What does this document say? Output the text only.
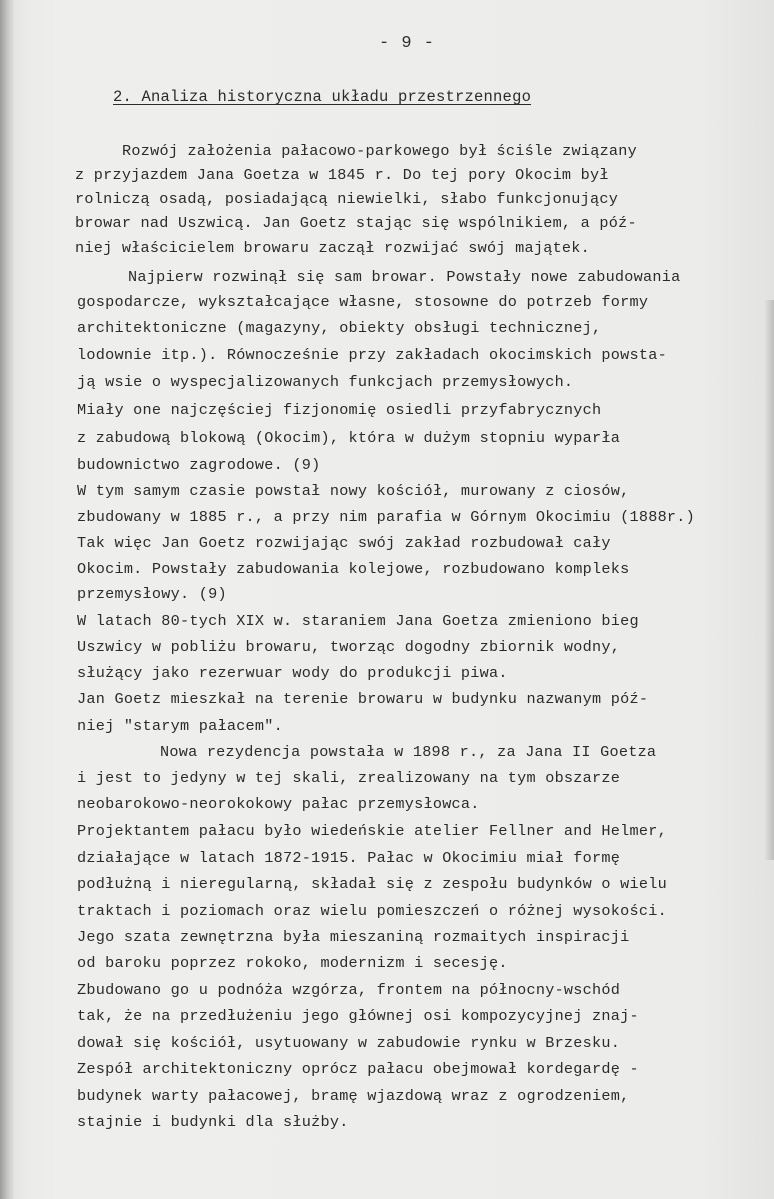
- 9 -
2. Analiza historyczna układu przestrzennego
Rozwój założenia pałacowo-parkowego był ściśle związany
z przyjazdem Jana Goetza w 1845 r. Do tej pory Okocim był
rolniczą osadą, posiadającą niewielki, słabo funkcjonujący
browar nad Uszwicą. Jan Goetz stając się wspólnikiem, a póź-
niej właścicielem browaru zaczął rozwijać swój majątek.
Najpierw rozwinął się sam browar. Powstały nowe zabudowania
gospodarcze, wykształcające własne, stosowne do potrzeb formy
architektoniczne (magazyny, obiekty obsługi technicznej,
lodownie itp.). Równocześnie przy zakładach okocimskich powsta-
ją wsie o wyspecjalizowanych funkcjach przemysłowych.
Miały one najczęściej fizjonomię osiedli przyfabrycznych
z zabudową blokową (Okocim), która w dużym stopniu wyparła
budownictwo zagrodowe. (9)
W tym samym czasie powstał nowy kościół, murowany z ciosów,
zbudowany w 1885 r., a przy nim parafia w Górnym Okocimiu (1888r.)
Tak więc Jan Goetz rozwijając swój zakład rozbudował cały
Okocim. Powstały zabudowania kolejowe, rozbudowano kompleks
przemysłowy. (9)
W latach 80-tych XIX w. staraniem Jana Goetza zmieniono bieg
Uszwicy w pobliżu browaru, tworząc dogodny zbiornik wodny,
służący jako rezerwuar wody do produkcji piwa.
Jan Goetz mieszkał na terenie browaru w budynku nazwanym póź-
niej "starym pałacem".
Nowa rezydencja powstała w 1898 r., za Jana II Goetza
i jest to jedyny w tej skali, zrealizowany na tym obszarze
neobarokowo-neorokokowy pałac przemysłowca.
Projektantem pałacu było wiedeńskie atelier Fellner and Helmer,
działające w latach 1872-1915. Pałac w Okocimiu miał formę
podłużną i nieregularną, składał się z zespołu budynków o wielu
traktach i poziomach oraz wielu pomieszczeń o różnej wysokości.
Jego szata zewnętrzna była mieszaniną rozmaitych inspiracji
od baroku poprzez rokoko, modernizm i secesję.
Zbudowano go u podnóża wzgórza, frontem na północny-wschód
tak, że na przedłużeniu jego głównej osi kompozycyjnej znaj-
dował się kościół, usytuowany w zabudowie rynku w Brzesku.
Zespół architektoniczny oprócz pałacu obejmował kordegardę -
budynek warty pałacowej, bramę wjazdową wraz z ogrodzeniem,
stajnie i budynki dla służby.
